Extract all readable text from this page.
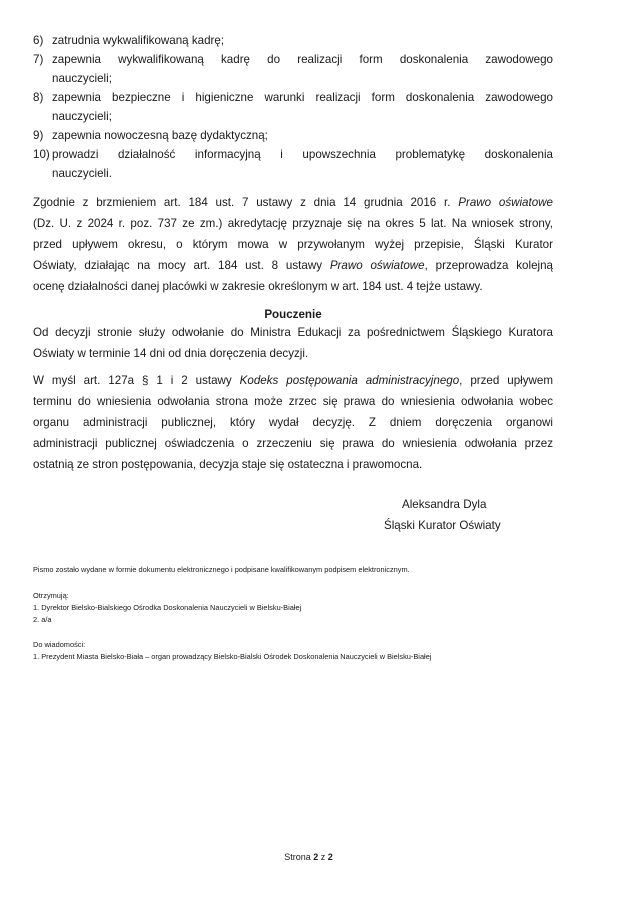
6) zatrudnia wykwalifikowaną kadrę;
7) zapewnia wykwalifikowaną kadrę do realizacji form doskonalenia zawodowego
nauczycieli;
8) zapewnia bezpieczne i higieniczne warunki realizacji form doskonalenia zawodowego
nauczycieli;
9) zapewnia nowoczesną bazę dydaktyczną;
10) prowadzi działalność informacyjną i upowszechnia problematykę doskonalenia
nauczycieli.
Zgodnie z brzmieniem art. 184 ust. 7 ustawy z dnia 14 grudnia 2016 r. Prawo oświatowe
(Dz. U. z 2024 r. poz. 737 ze zm.) akredytację przyznaje się na okres 5 lat. Na wniosek strony,
przed upływem okresu, o którym mowa w przywołanym wyżej przepisie, Śląski Kurator
Oświaty, działając na mocy art. 184 ust. 8 ustawy Prawo oświatowe, przeprowadza kolejną
ocenę działalności danej placówki w zakresie określonym w art. 184 ust. 4 tejże ustawy.
Pouczenie
Od decyzji stronie służy odwołanie do Ministra Edukacji za pośrednictwem Śląskiego Kuratora
Oświaty w terminie 14 dni od dnia doręczenia decyzji.
W myśl art. 127a § 1 i 2 ustawy Kodeks postępowania administracyjnego, przed upływem
terminu do wniesienia odwołania strona może zrzec się prawa do wniesienia odwołania wobec
organu administracji publicznej, który wydał decyzję. Z dniem doręczenia organowi
administracji publicznej oświadczenia o zrzeczeniu się prawa do wniesienia odwołania przez
ostatnią ze stron postępowania, decyzja staje się ostateczna i prawomocna.
Aleksandra Dyla
Śląski Kurator Oświaty
Pismo zostało wydane w formie dokumentu elektronicznego i podpisane kwalifikowanym podpisem elektronicznym.
Otrzymują:
1. Dyrektor Bielsko-Bialskiego Ośrodka Doskonalenia Nauczycieli w Bielsku-Białej
2. a/a
Do wiadomości:
1. Prezydent Miasta Bielsko-Biała – organ prowadzący Bielsko-Bialski Ośrodek Doskonalenia Nauczycieli w Bielsku-Białej
Strona 2 z 2
